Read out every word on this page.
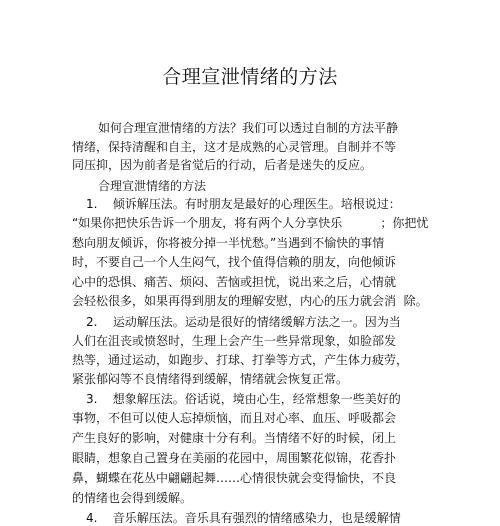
合理宣泄情绪的方法
如何合理宣泄情绪的方法？我们可以透过自制的方法平静
情绪，保持清醒和自主，这才是成熟的心灵管理。自制并不等
同压抑，因为前者是省觉后的行动，后者是迷失的反应。
合理宣泄情绪的方法
1.    倾诉解压法。有时朋友是最好的心理医生。培根说过：
“如果你把快乐告诉一个朋友，将有两个人分享快乐          ；你把忧
愁向朋友倾诉，你将被分掉一半忧愁。”当遇到不愉快的事情
时，不要自己一个人生闷气，找个值得信赖的朋友，向他倾诉
心中的恐惧、痛苦、烦闷、苦恼或担忧，说出来之后，心情就
会轻松很多，如果再得到朋友的理解安慰，内心的压力就会消  除。
2.    运动解压法。运动是很好的情绪缓解方法之一。因为当
人们在沮丧或愤怒时，生理上会产生一些异常现象，如脸部发
热等，通过运动，如跑步、打球、打拳等方式，产生体力疲劳，
紧张郁闷等不良情绪得到缓解，情绪就会恢复正常。
3.    想象解压法。俗话说，境由心生，经常想象一些美好的
事物，不但可以使人忘掉烦恼，而且对心率、血压、呼吸都会
产生良好的影响，对健康十分有利。当情绪不好的时候，闭上
眼睛，想象自己置身在美丽的花园中，周围繁花似锦，花香扑
鼻，蝴蝶在花丛中翩翩起舞……心情很快就会变得愉快，不良
的情绪也会得到缓解。
4.    音乐解压法。音乐具有强烈的情绪感染力，也是缓解情
